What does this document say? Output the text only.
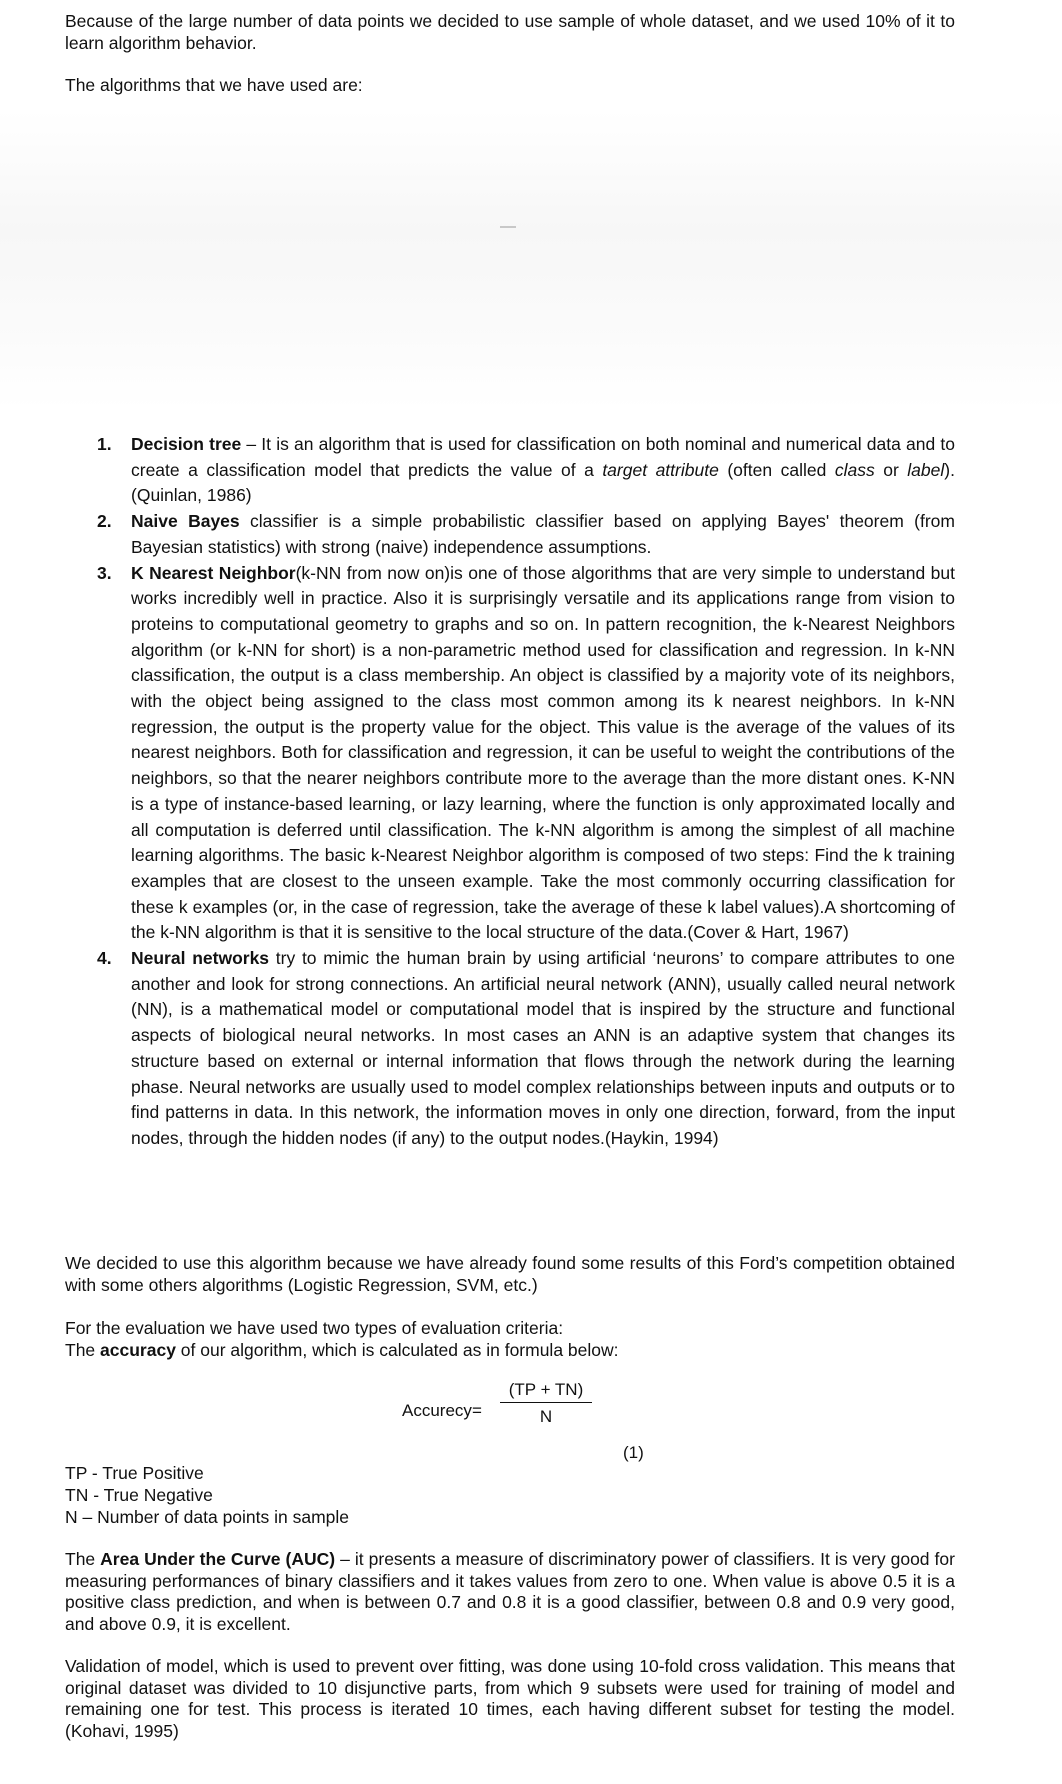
Because of the large number of data points we decided to use sample of whole dataset, and we used 10% of it to learn algorithm behavior.

The algorithms that we have used are:

1. Decision tree – It is an algorithm that is used for classification on both nominal and numerical data and to create a classification model that predicts the value of a target attribute (often called class or label). (Quinlan, 1986)
2. Naive Bayes classifier is a simple probabilistic classifier based on applying Bayes' theorem (from Bayesian statistics) with strong (naive) independence assumptions.
3. K Nearest Neighbor(k-NN from now on)is one of those algorithms that are very simple to understand but works incredibly well in practice. Also it is surprisingly versatile and its applications range from vision to proteins to computational geometry to graphs and so on. In pattern recognition, the k-Nearest Neighbors algorithm (or k-NN for short) is a non-parametric method used for classification and regression. In k-NN classification, the output is a class membership. An object is classified by a majority vote of its neighbors, with the object being assigned to the class most common among its k nearest neighbors. In k-NN regression, the output is the property value for the object. This value is the average of the values of its nearest neighbors. Both for classification and regression, it can be useful to weight the contributions of the neighbors, so that the nearer neighbors contribute more to the average than the more distant ones. K-NN is a type of instance-based learning, or lazy learning, where the function is only approximated locally and all computation is deferred until classification. The k-NN algorithm is among the simplest of all machine learning algorithms. The basic k-Nearest Neighbor algorithm is composed of two steps: Find the k training examples that are closest to the unseen example. Take the most commonly occurring classification for these k examples (or, in the case of regression, take the average of these k label values).A shortcoming of the k-NN algorithm is that it is sensitive to the local structure of the data.(Cover & Hart, 1967)
4. Neural networks try to mimic the human brain by using artificial ‘neurons’ to compare attributes to one another and look for strong connections. An artificial neural network (ANN), usually called neural network (NN), is a mathematical model or computational model that is inspired by the structure and functional aspects of biological neural networks. In most cases an ANN is an adaptive system that changes its structure based on external or internal information that flows through the network during the learning phase. Neural networks are usually used to model complex relationships between inputs and outputs or to find patterns in data. In this network, the information moves in only one direction, forward, from the input nodes, through the hidden nodes (if any) to the output nodes.(Haykin, 1994)

We decided to use this algorithm because we have already found some results of this Ford’s competition obtained with some others algorithms (Logistic Regression, SVM, etc.)

For the evaluation we have used two types of evaluation criteria:
The accuracy of our algorithm, which is calculated as in formula below:
Accurecy = $\frac{(TP + TN)}{N}$
(1)
TP - True Positive
TN - True Negative
N – Number of data points in sample

The Area Under the Curve (AUC) – it presents a measure of discriminatory power of classifiers. It is very good for measuring performances of binary classifiers and it takes values from zero to one. When value is above 0.5 it is a positive class prediction, and when is between 0.7 and 0.8 it is a good classifier, between 0.8 and 0.9 very good, and above 0.9, it is excellent.

Validation of model, which is used to prevent over fitting, was done using 10-fold cross validation. This means that original dataset was divided to 10 disjunctive parts, from which 9 subsets were used for training of model and remaining one for test. This process is iterated 10 times, each having different subset for testing the model. (Kohavi, 1995)
